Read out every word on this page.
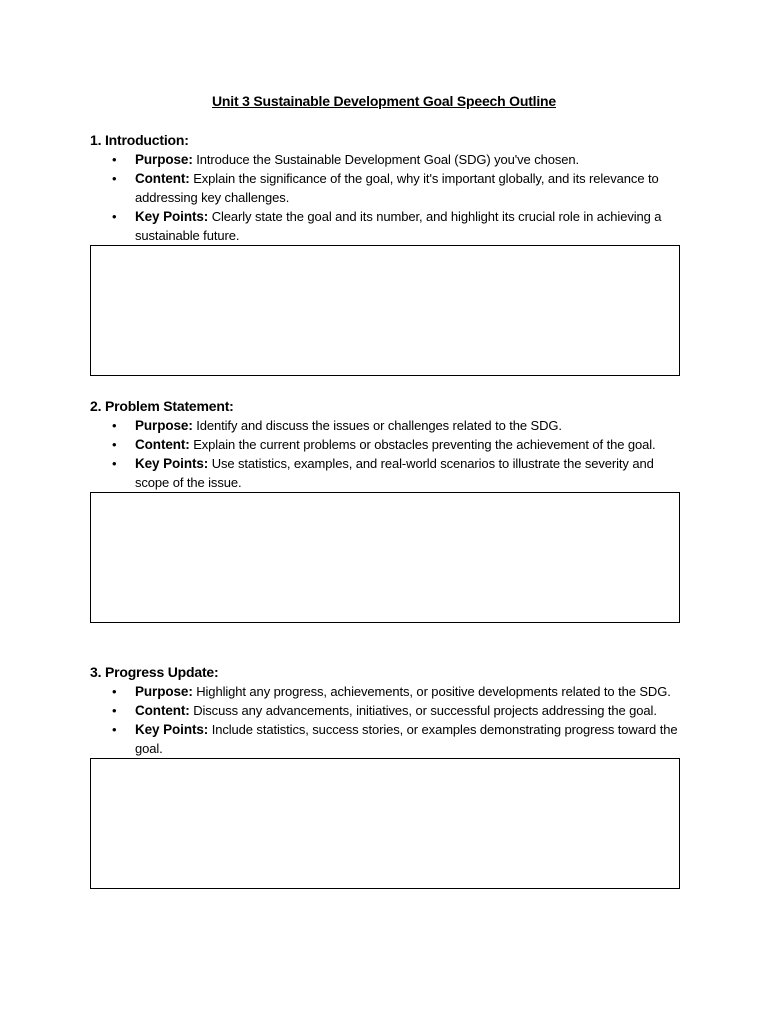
Unit 3 Sustainable Development Goal Speech Outline
1. Introduction:
• Purpose: Introduce the Sustainable Development Goal (SDG) you've chosen.
• Content: Explain the significance of the goal, why it's important globally, and its relevance to addressing key challenges.
• Key Points: Clearly state the goal and its number, and highlight its crucial role in achieving a sustainable future.
2. Problem Statement:
• Purpose: Identify and discuss the issues or challenges related to the SDG.
• Content: Explain the current problems or obstacles preventing the achievement of the goal.
• Key Points: Use statistics, examples, and real-world scenarios to illustrate the severity and scope of the issue.
3. Progress Update:
• Purpose: Highlight any progress, achievements, or positive developments related to the SDG.
• Content: Discuss any advancements, initiatives, or successful projects addressing the goal.
• Key Points: Include statistics, success stories, or examples demonstrating progress toward the goal.
